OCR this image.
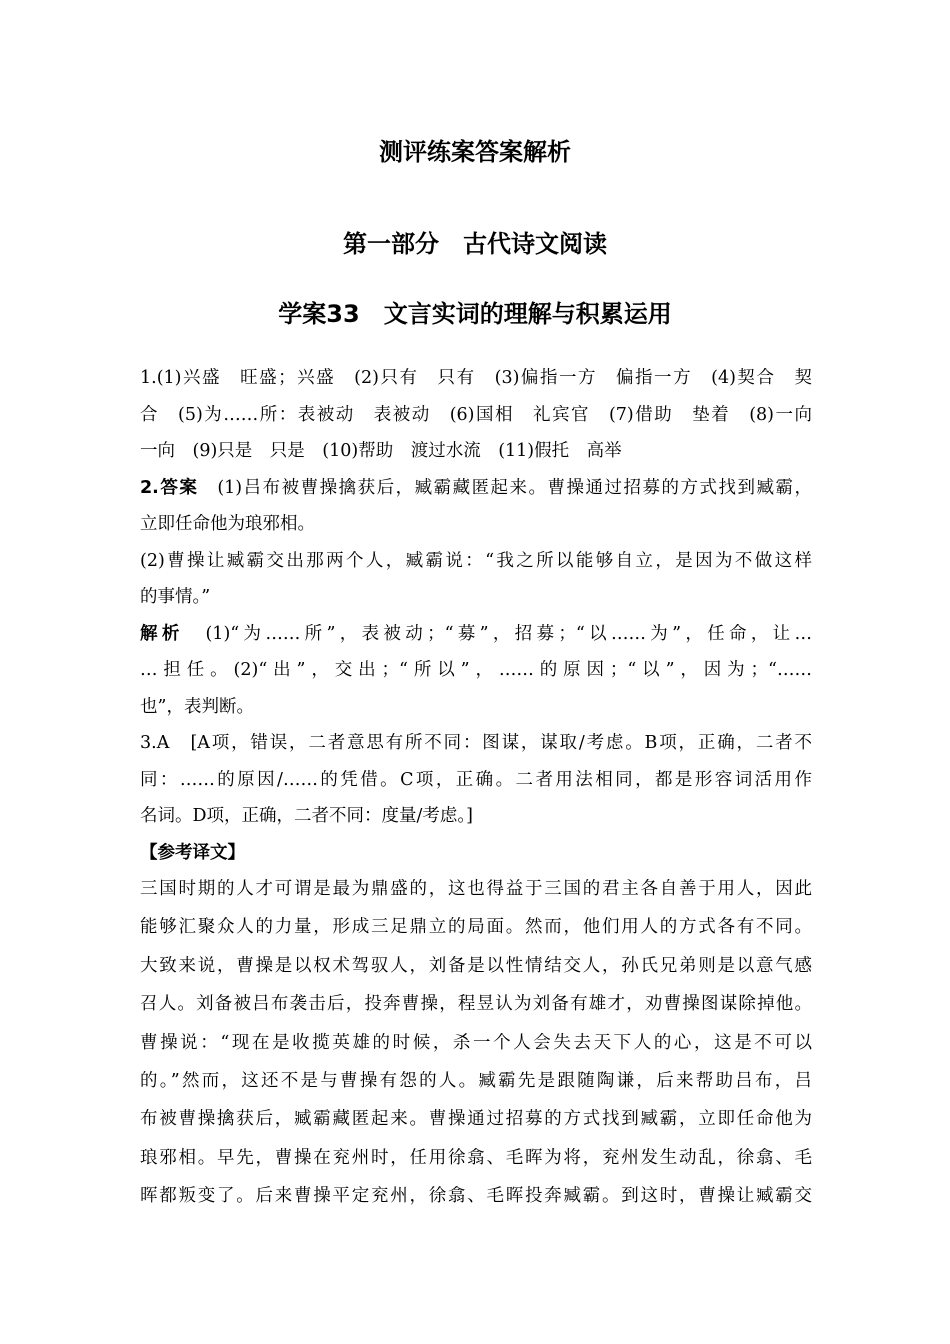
测评练案答案解析
第一部分　古代诗文阅读
学案33　文言实词的理解与积累运用
1.(1)兴盛　旺盛；兴盛　(2)只有　只有　(3)偏指一方　偏指一方　(4)契合　契
合　(5)为……所：表被动　表被动　(6)国相　礼宾官　(7)借助　垫着　(8)一向
一向　(9)只是　只是　(10)帮助　渡过水流　(11)假托　高举
2.答案　(1)吕布被曹操擒获后，臧霸藏匿起来。曹操通过招募的方式找到臧霸，
立即任命他为琅邪相。
(2)曹操让臧霸交出那两个人，臧霸说：“我之所以能够自立，是因为不做这样
的事情。”
解析　(1)“为……所”，表被动；“募”，招募；“以……为”，任命，让…
…担任。(2)“出”，交出；“所以”，……的原因；“以”，因为；“……
也”，表判断。
3.A　[A项，错误，二者意思有所不同：图谋，谋取/考虑。B项，正确，二者不
同：……的原因/……的凭借。C项，正确。二者用法相同，都是形容词活用作
名词。D项，正确，二者不同：度量/考虑。]
【参考译文】
三国时期的人才可谓是最为鼎盛的，这也得益于三国的君主各自善于用人，因此
能够汇聚众人的力量，形成三足鼎立的局面。然而，他们用人的方式各有不同。
大致来说，曹操是以权术驾驭人，刘备是以性情结交人，孙氏兄弟则是以意气感
召人。刘备被吕布袭击后，投奔曹操，程昱认为刘备有雄才，劝曹操图谋除掉他。
曹操说：“现在是收揽英雄的时候，杀一个人会失去天下人的心，这是不可以
的。”然而，这还不是与曹操有怨的人。臧霸先是跟随陶谦，后来帮助吕布，吕
布被曹操擒获后，臧霸藏匿起来。曹操通过招募的方式找到臧霸，立即任命他为
琅邪相。早先，曹操在兖州时，任用徐翕、毛晖为将，兖州发生动乱，徐翕、毛
晖都叛变了。后来曹操平定兖州，徐翕、毛晖投奔臧霸。到这时，曹操让臧霸交
